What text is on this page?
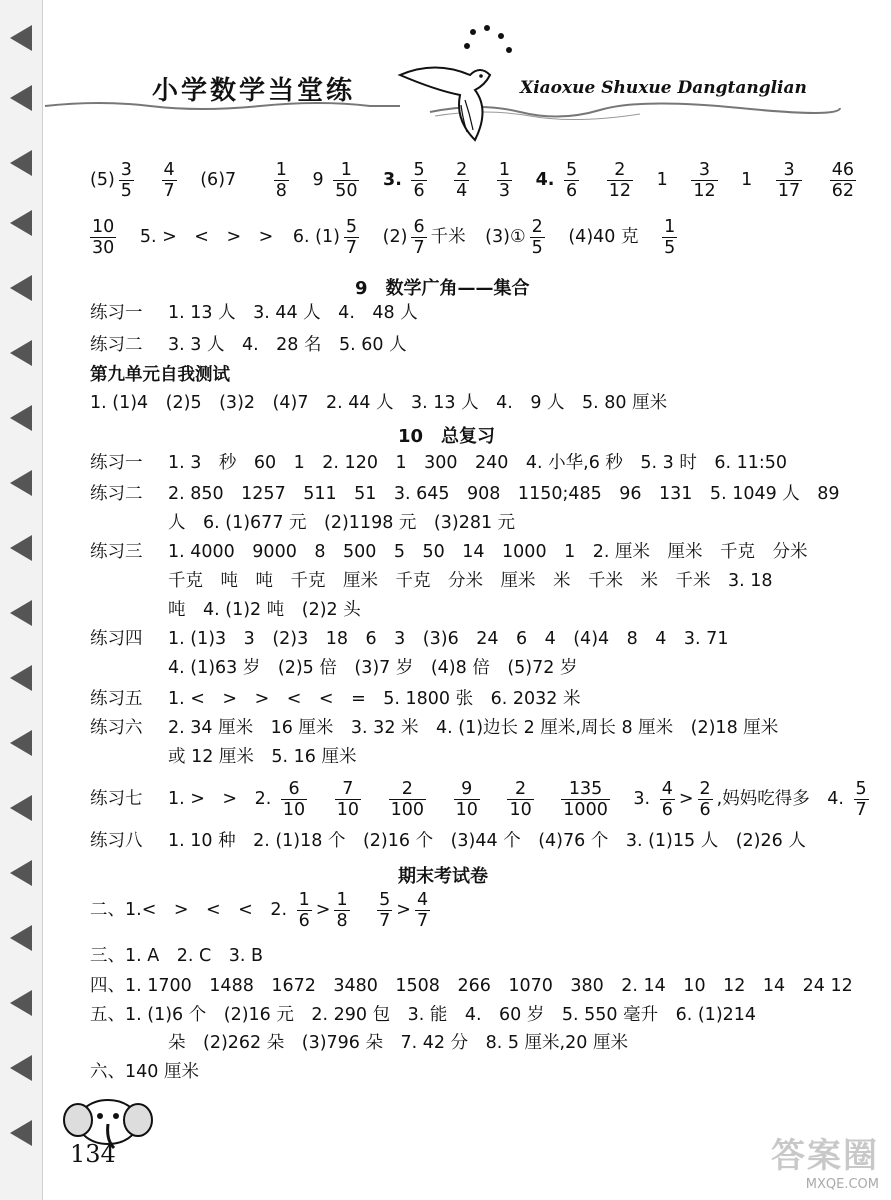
小学数学当堂练	Xiaoxue Shuxue Dangtanglian
$(5) \frac{3}{5}$
$\frac{4}{7} (6)7 \frac{1}{8} 9 \frac{1}{50} 3$. $\frac{5}{6}$
$\frac{2}{4}$
$\frac{1}{3} 4$. $\frac{5}{6}$
$\frac{2}{12} 1 \frac{3}{12} 1 \frac{3}{17}$
$\frac{46}{62}$
$\frac{10}{30} 5$. >　<　>　> 6. $(1) \frac{5}{7} (2) \frac{6}{7}$ 千米 (3)① $\frac{2}{5} (4)40$ 克 $\frac{1}{5}$
9　数学广角——集合
练习一 1. 13 人　3. 44 人　4.　48 人
练习二 3. 3 人　4.　28 名　5. 60 人
第九单元自我测试
1. (1)4　(2)5　(3)2　(4)7　2. 44 人　3. 13 人　4.　9 人　5. 80 厘米
10　总复习
练习一 1. 3　秒　60　1　2. 120　1　300　240　4. 小华,6 秒　5. 3 时　6. 11:50
练习二 2. 850　1257　511　51　3. 645　908　1150;485　96　131　5. 1049 人　89
人　6. (1)677 元　(2)1198 元　(3)281 元
练习三 1. 4000　9000　8　500　5　50　14　1000　1　2. 厘米　厘米　千克　分米
千克　吨　吨　千克　厘米　千克　分米　厘米　米　千米　米　千米　3. 18
吨　4. (1)2 吨　(2)2 头
练习四 1. (1)3　3　(2)3　18　6　3　(3)6　24　6　4　(4)4　8　4　3. 71
4. (1)63 岁　(2)5 倍　(3)7 岁　(4)8 倍　(5)72 岁
练习五 1. <　>　>　<　<　=　5. 1800 张　6. 2032 米
练习六 2. 34 厘米　16 厘米　3. 32 米　4. (1)边长 2 厘米,周长 8 厘米　(2)18 厘米
或 12 厘米　5. 16 厘米
练习七 1. >　>　2. $\frac{6}{10}$
$\frac{7}{10}$
$\frac{2}{100}$
$\frac{9}{10}$
$\frac{2}{10}$
$\frac{135}{1000} 3$. $\frac{4}{6} > \frac{2}{6}$ ,妈妈吃得多　4. $\frac{5}{7}$
练习八 1. 10 种　2. (1)18 个　(2)16 个　(3)44 个　(4)76 个　3. (1)15 人　(2)26 人
期末考试卷
二、1.<　>　<　<　2. $\frac{1}{6} > \frac{1}{8}$
$\frac{5}{7} > \frac{4}{7}$
三、1. A　2. C　3. B
四、1. 1700　1488　1672　3480　1508　266　1070　380　2. 14　10　12　14　24 12
五、1. (1)6 个　(2)16 元　2. 290 包　3. 能　4.　60 岁　5. 550 毫升　6. (1)214
朵　(2)262 朵　(3)796 朵　7. 42 分　8. 5 厘米,20 厘米
六、140 厘米
134	答案圈
MXQE.COM
